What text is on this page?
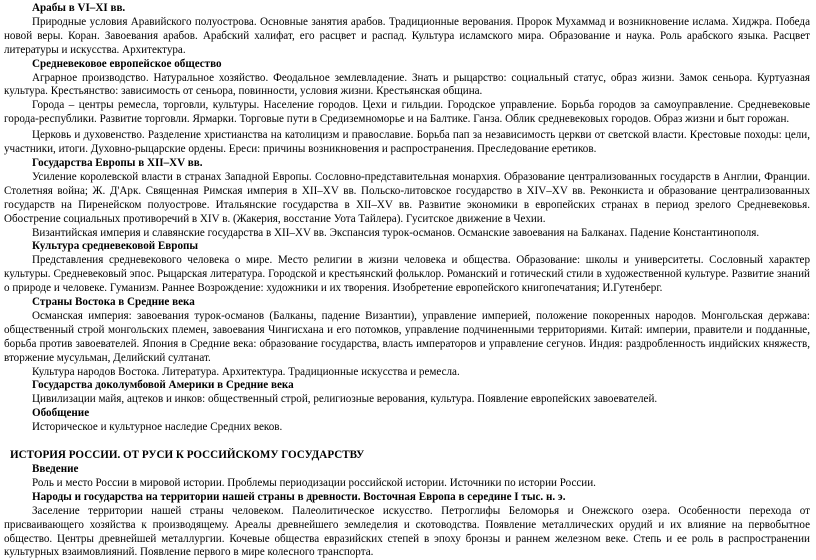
Арабы в VI–XI вв.
Природные условия Аравийского полуострова. Основные занятия арабов. Традиционные верования. Пророк Мухаммад и возникновение ислама. Хиджра. Победа новой веры. Коран. Завоевания арабов. Арабский халифат, его расцвет и распад. Культура исламского мира. Образование и наука. Роль арабского языка. Расцвет литературы и искусства. Архитектура.
Средневековое европейское общество
Аграрное производство. Натуральное хозяйство. Феодальное землевладение. Знать и рыцарство: социальный статус, образ жизни. Замок сеньора. Куртуазная культура. Крестьянство: зависимость от сеньора, повинности, условия жизни. Крестьянская община.
Города – центры ремесла, торговли, культуры. Население городов. Цехи и гильдии. Городское управление. Борьба городов за самоуправление. Средневековые города-республики. Развитие торговли. Ярмарки. Торговые пути в Средиземноморье и на Балтике. Ганза. Облик средневековых городов. Образ жизни и быт горожан.
Церковь и духовенство. Разделение христианства на католицизм и православие. Борьба пап за независимость церкви от светской власти. Крестовые походы: цели, участники, итоги. Духовно-рыцарские ордены. Ереси: причины возникновения и распространения. Преследование еретиков.
Государства Европы в XII–XV вв.
Усиление королевской власти в странах Западной Европы. Сословно-представительная монархия. Образование централизованных государств в Англии, Франции. Столетняя война; Ж. Д'Арк. Священная Римская империя в XII–XV вв. Польско-литовское государство в XIV–XV вв. Реконкиста и образование централизованных государств на Пиренейском полуострове. Итальянские государства в XII–XV вв. Развитие экономики в европейских странах в период зрелого Средневековья. Обострение социальных противоречий в XIV в. (Жакерия, восстание Уота Тайлера). Гуситское движение в Чехии.
Византийская империя и славянские государства в XII–XV вв. Экспансия турок-османов. Османские завоевания на Балканах. Падение Константинополя.
Культура средневековой Европы
Представления средневекового человека о мире. Место религии в жизни человека и общества. Образование: школы и университеты. Сословный характер культуры. Средневековый эпос. Рыцарская литература. Городской и крестьянский фольклор. Романский и готический стили в художественной культуре. Развитие знаний о природе и человеке. Гуманизм. Раннее Возрождение: художники и их творения. Изобретение европейского книгопечатания; И.Гутенберг.
Страны Востока в Средние века
Османская империя: завоевания турок-османов (Балканы, падение Византии), управление империей, положение покоренных народов. Монгольская держава: общественный строй монгольских племен, завоевания Чингисхана и его потомков, управление подчиненными территориями. Китай: империи, правители и подданные, борьба против завоевателей. Япония в Средние века: образование государства, власть императоров и управление сегунов. Индия: раздробленность индийских княжеств, вторжение мусульман, Делийский султанат.
Культура народов Востока. Литература. Архитектура. Традиционные искусства и ремесла.
Государства доколумбовой Америки в Средние века
Цивилизации майя, ацтеков и инков: общественный строй, религиозные верования, культура. Появление европейских завоевателей.
Обобщение
Историческое и культурное наследие Средних веков.
ИСТОРИЯ РОССИИ. ОТ РУСИ К РОССИЙСКОМУ ГОСУДАРСТВУ
Введение
Роль и место России в мировой истории. Проблемы периодизации российской истории. Источники по истории России.
Народы и государства на территории нашей страны в древности. Восточная Европа в середине I тыс. н. э.
Заселение территории нашей страны человеком. Палеолитическое искусство. Петроглифы Беломорья и Онежского озера. Особенности перехода от присваивающего хозяйства к производящему. Ареалы древнейшего земледелия и скотоводства. Появление металлических орудий и их влияние на первобытное общество. Центры древнейшей металлургии. Кочевые общества евразийских степей в эпоху бронзы и раннем железном веке. Степь и ее роль в распространении культурных взаимовлияний. Появление первого в мире колесного транспорта.
